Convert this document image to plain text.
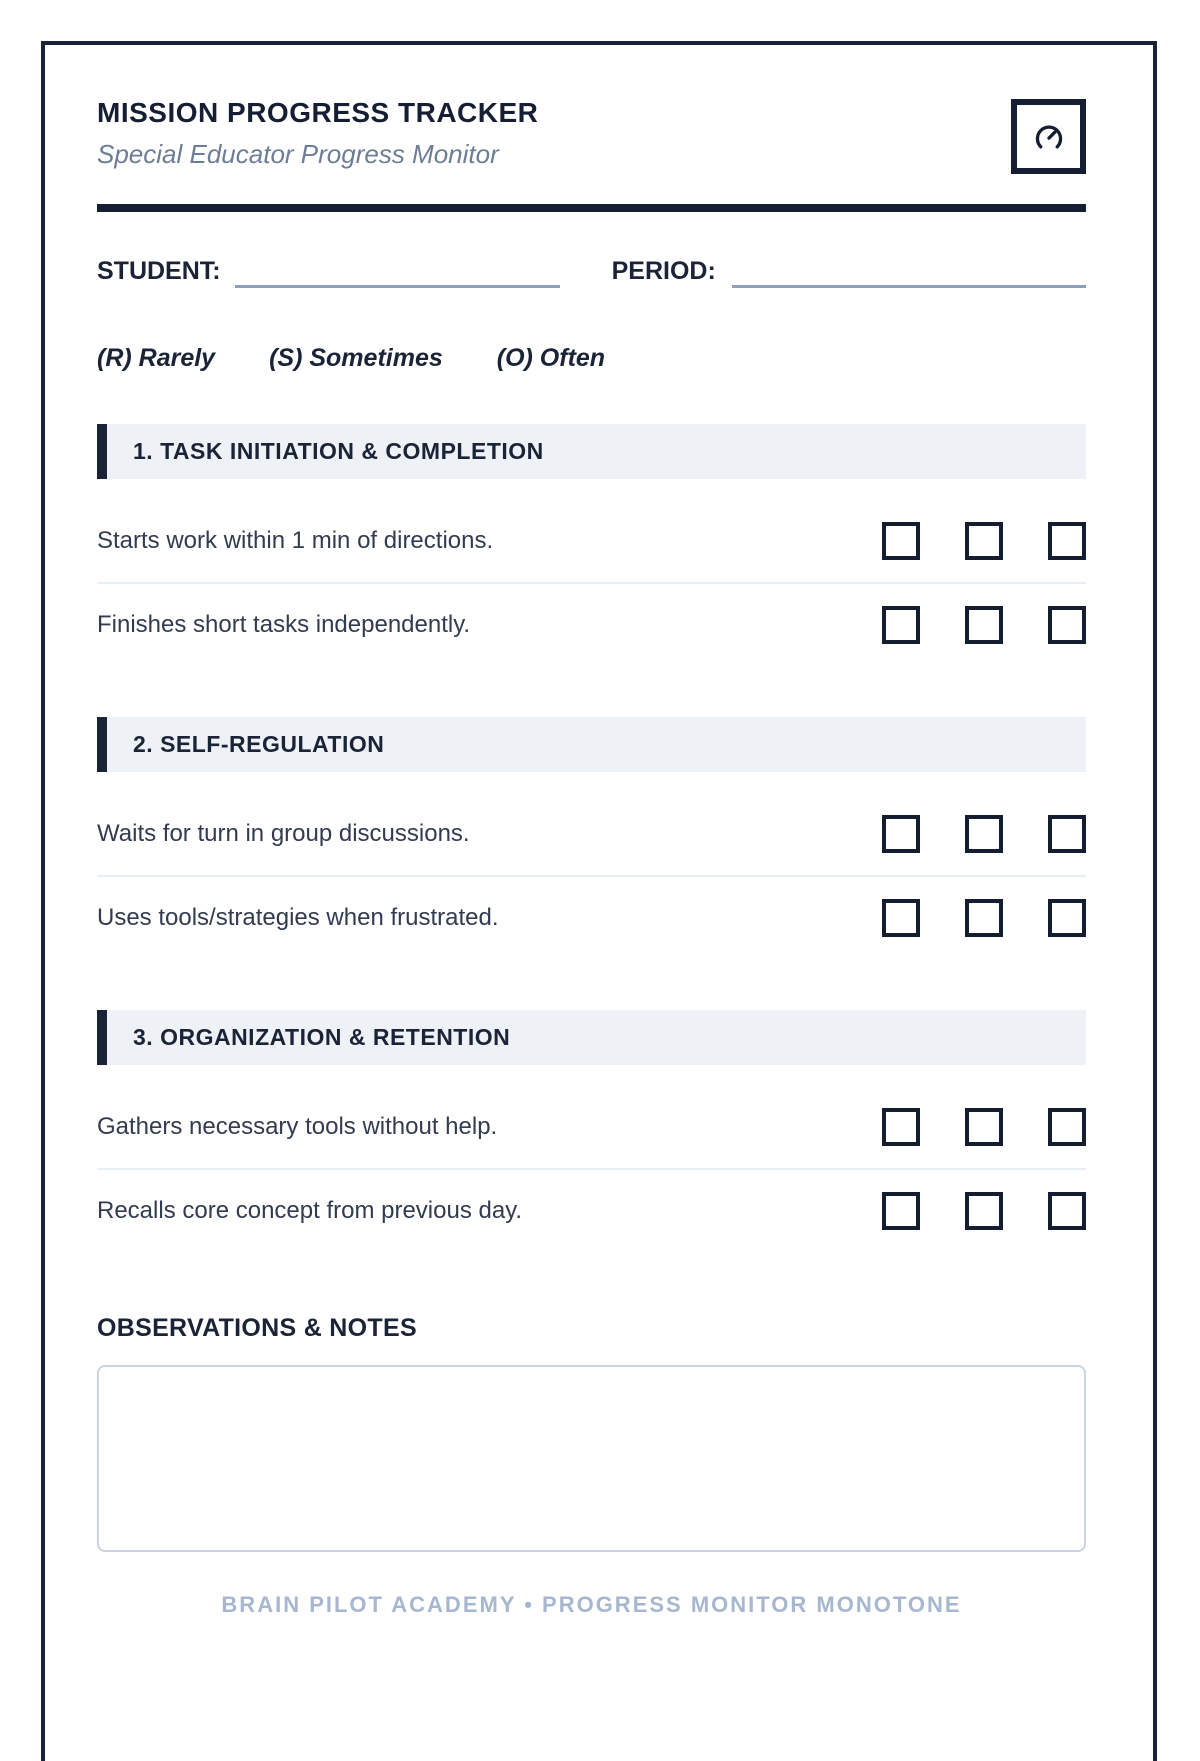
MISSION PROGRESS TRACKER
Special Educator Progress Monitor
STUDENT:	PERIOD:
(R) Rarely (S) Sometimes (O) Often
1. TASK INITIATION & COMPLETION
Starts work within 1 min of directions.
Finishes short tasks independently.
2. SELF-REGULATION
Waits for turn in group discussions.
Uses tools/strategies when frustrated.
3. ORGANIZATION & RETENTION
Gathers necessary tools without help.
Recalls core concept from previous day.
OBSERVATIONS & NOTES
BRAIN PILOT ACADEMY • PROGRESS MONITOR MONOTONE
